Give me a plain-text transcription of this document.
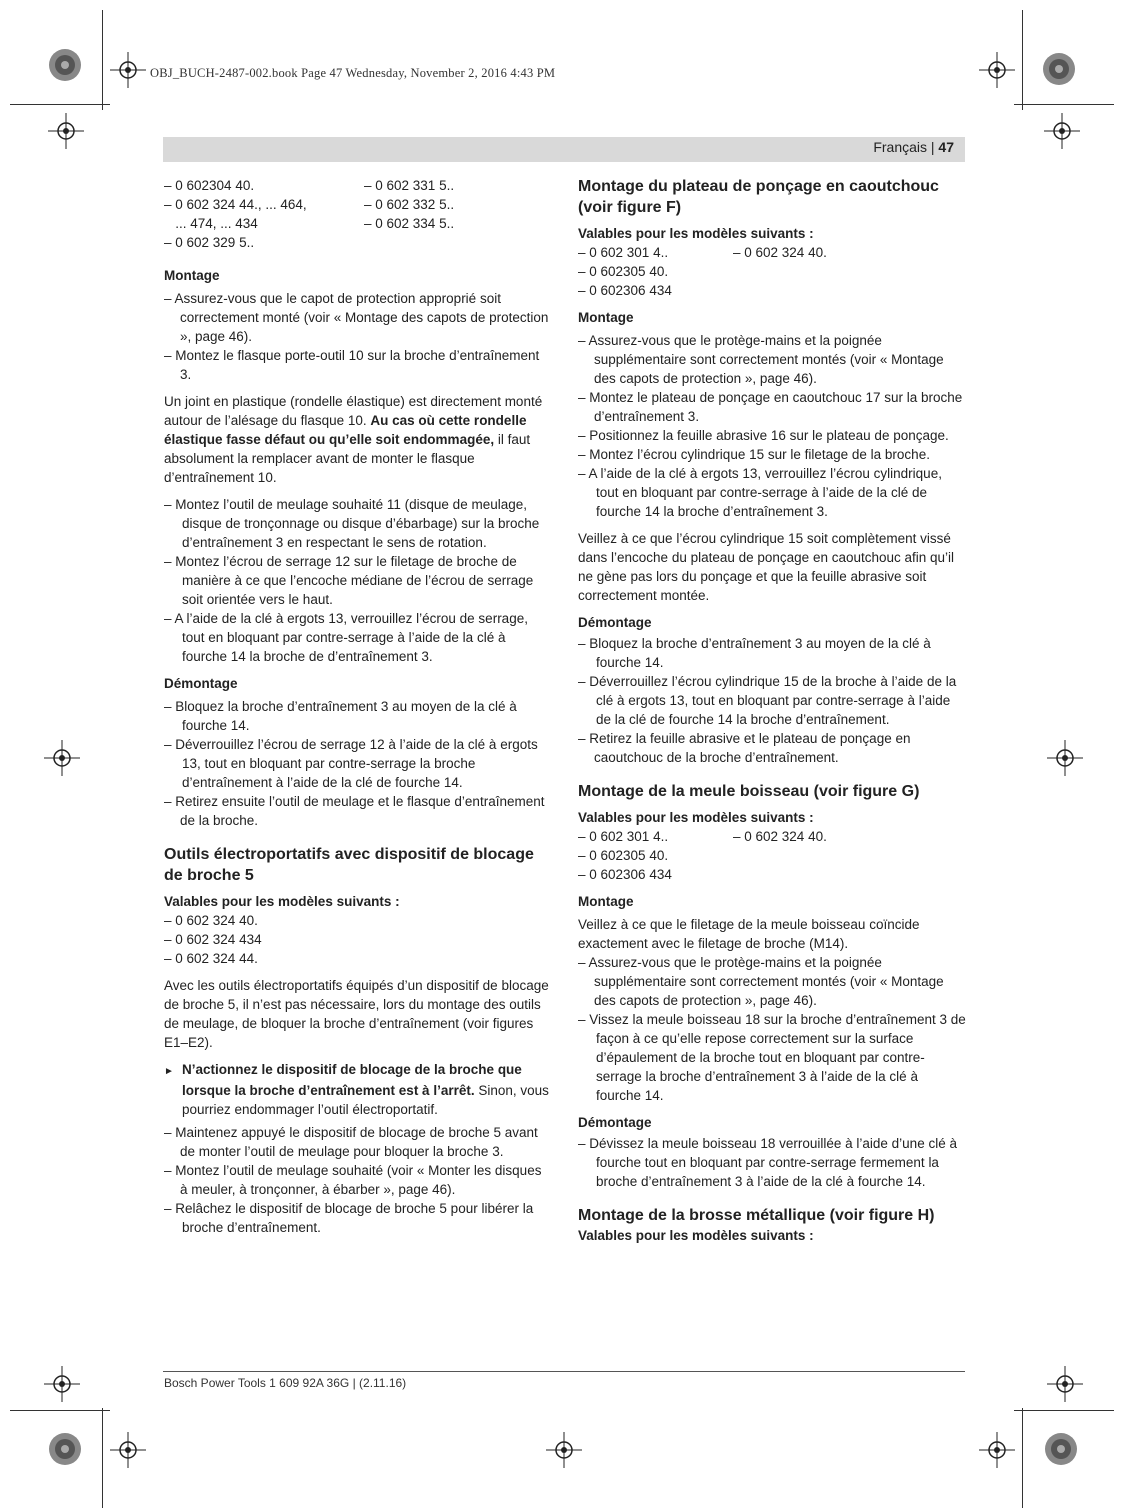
OBJ_BUCH-2487-002.book Page 47 Wednesday, November 2, 2016 4:43 PM
Français | 47
– 0 602304 40.	– 0 602 331 5..
– 0 602 324 44., ... 464,	– 0 602 332 5..
... 474, ... 434	– 0 602 334 5..
– 0 602 329 5..

Montage

– Assurez-vous que le capot de protection approprié soit correctement monté (voir « Montage des capots de protection », page 46).

– Montez le flasque porte-outil 10 sur la broche d’entraînement 3.

Un joint en plastique (rondelle élastique) est directement monté autour de l’alésage du flasque 10. Au cas où cette rondelle élastique fasse défaut ou qu’elle soit endommagée, il faut absolument la remplacer avant de monter le flasque d’entraînement 10.

– Montez l’outil de meulage souhaité 11 (disque de meulage, disque de tronçonnage ou disque d’ébarbage) sur la broche d’entraînement 3 en respectant le sens de rotation.

– Montez l’écrou de serrage 12 sur le filetage de broche de manière à ce que l’encoche médiane de l’écrou de serrage soit orientée vers le haut.

– A l’aide de la clé à ergots 13, verrouillez l’écrou de serrage, tout en bloquant par contre-serrage à l’aide de la clé à fourche 14 la broche de d’entraînement 3.

Démontage

– Bloquez la broche d’entraînement 3 au moyen de la clé à fourche 14.

– Déverrouillez l’écrou de serrage 12 à l’aide de la clé à ergots 13, tout en bloquant par contre-serrage la broche d’entraînement à l’aide de la clé de fourche 14.

– Retirez ensuite l’outil de meulage et le flasque d’entraînement de la broche.

Outils électroportatifs avec dispositif de blocage de broche 5

Valables pour les modèles suivants :

– 0 602 324 40.

– 0 602 324 434

– 0 602 324 44.

Avec les outils électroportatifs équipés d’un dispositif de blocage de broche 5, il n’est pas nécessaire, lors du montage des outils de meulage, de bloquer la broche d’entraînement (voir figures E1–E2).

► N’actionnez le dispositif de blocage de la broche que lorsque la broche d’entraînement est à l’arrêt. Sinon, vous pourriez endommager l’outil électroportatif.

– Maintenez appuyé le dispositif de blocage de broche 5 avant de monter l’outil de meulage pour bloquer la broche 3.

– Montez l’outil de meulage souhaité (voir « Monter les disques à meuler, à tronçonner, à ébarber », page 46).

– Relâchez le dispositif de blocage de broche 5 pour libérer la broche d’entraînement.

Montage du plateau de ponçage en caoutchouc (voir figure F)

Valables pour les modèles suivants :

– 0 602 301 4..	– 0 602 324 40.
– 0 602305 40.
– 0 602306 434

Montage

– Assurez-vous que le protège-mains et la poignée supplémentaire sont correctement montés (voir « Montage des capots de protection », page 46).

– Montez le plateau de ponçage en caoutchouc 17 sur la broche d’entraînement 3.

– Positionnez la feuille abrasive 16 sur le plateau de ponçage.

– Montez l’écrou cylindrique 15 sur le filetage de la broche.

– A l’aide de la clé à ergots 13, verrouillez l’écrou cylindrique, tout en bloquant par contre-serrage à l’aide de la clé de fourche 14 la broche d’entraînement 3.

Veillez à ce que l’écrou cylindrique 15 soit complètement vissé dans l’encoche du plateau de ponçage en caoutchouc afin qu’il ne gène pas lors du ponçage et que la feuille abrasive soit correctement montée.

Démontage

– Bloquez la broche d’entraînement 3 au moyen de la clé à fourche 14.

– Déverrouillez l’écrou cylindrique 15 de la broche à l’aide de la clé à ergots 13, tout en bloquant par contre-serrage à l’aide de la clé de fourche 14 la broche d’entraînement.

– Retirez la feuille abrasive et le plateau de ponçage en caoutchouc de la broche d’entraînement.

Montage de la meule boisseau (voir figure G)

Valables pour les modèles suivants :

– 0 602 301 4..	– 0 602 324 40.
– 0 602305 40.
– 0 602306 434

Montage

Veillez à ce que le filetage de la meule boisseau coïncide exactement avec le filetage de broche (M14).

– Assurez-vous que le protège-mains et la poignée supplémentaire sont correctement montés (voir « Montage des capots de protection », page 46).

– Vissez la meule boisseau 18 sur la broche d’entraînement 3 de façon à ce qu’elle repose correctement sur la surface d’épaulement de la broche tout en bloquant par contre-serrage la broche d’entraînement 3 à l’aide de la clé à fourche 14.

Démontage

– Dévissez la meule boisseau 18 verrouillée à l’aide d’une clé à fourche tout en bloquant par contre-serrage fermement la broche d’entraînement 3 à l’aide de la clé à fourche 14.

Montage de la brosse métallique (voir figure H)

Valables pour les modèles suivants :

Bosch Power Tools 1 609 92A 36G | (2.11.16)
